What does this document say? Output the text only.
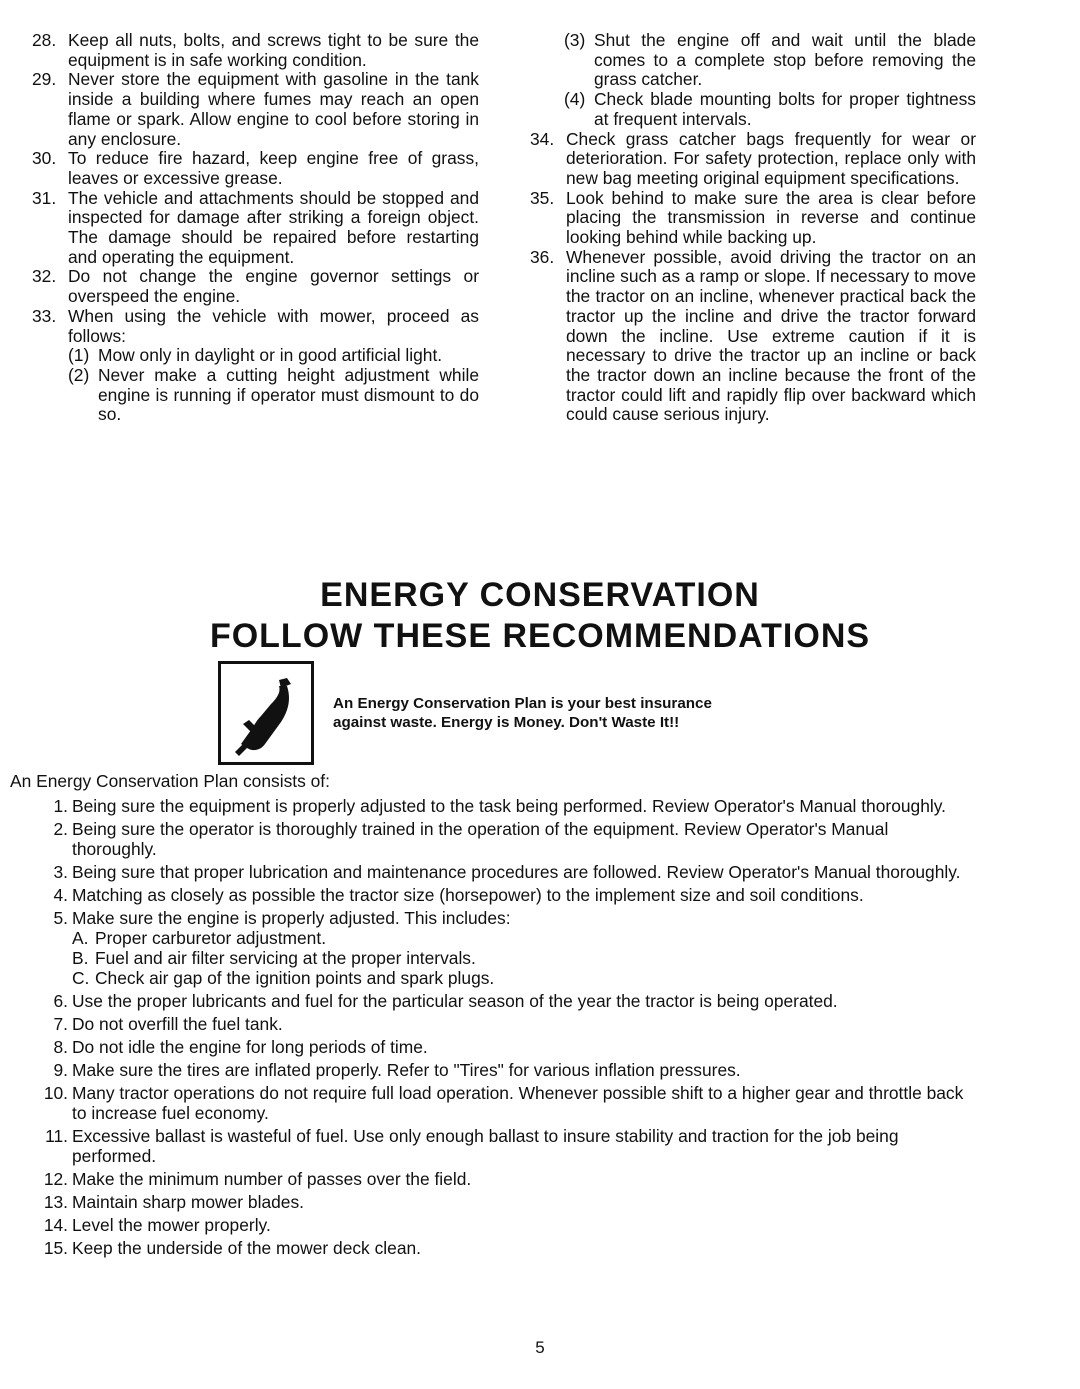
28. Keep all nuts, bolts, and screws tight to be sure the equipment is in safe working condition.
29. Never store the equipment with gasoline in the tank inside a building where fumes may reach an open flame or spark. Allow engine to cool before storing in any enclosure.
30. To reduce fire hazard, keep engine free of grass, leaves or excessive grease.
31. The vehicle and attachments should be stopped and inspected for damage after striking a foreign object. The damage should be repaired before restarting and operating the equipment.
32. Do not change the engine governor settings or overspeed the engine.
33. When using the vehicle with mower, proceed as follows:
(1) Mow only in daylight or in good artificial light.
(2) Never make a cutting height adjustment while engine is running if operator must dismount to do so.
(3) Shut the engine off and wait until the blade comes to a complete stop before removing the grass catcher.
(4) Check blade mounting bolts for proper tightness at frequent intervals.
34. Check grass catcher bags frequently for wear or deterioration. For safety protection, replace only with new bag meeting original equipment specifications.
35. Look behind to make sure the area is clear before placing the transmission in reverse and continue looking behind while backing up.
36. Whenever possible, avoid driving the tractor on an incline such as a ramp or slope. If necessary to move the tractor on an incline, whenever practical back the tractor up the incline and drive the tractor forward down the incline. Use extreme caution if it is necessary to drive the tractor up an incline or back the tractor down an incline because the front of the tractor could lift and rapidly flip over backward which could cause serious injury.
ENERGY CONSERVATION
FOLLOW THESE RECOMMENDATIONS
An Energy Conservation Plan is your best insurance
against waste. Energy is Money. Don't Waste It!!
An Energy Conservation Plan consists of:
1. Being sure the equipment is properly adjusted to the task being performed. Review Operator's Manual thoroughly.
2. Being sure the operator is thoroughly trained in the operation of the equipment. Review Operator's Manual thoroughly.
3. Being sure that proper lubrication and maintenance procedures are followed. Review Operator's Manual thoroughly.
4. Matching as closely as possible the tractor size (horsepower) to the implement size and soil conditions.
5. Make sure the engine is properly adjusted. This includes:
A. Proper carburetor adjustment.
B. Fuel and air filter servicing at the proper intervals.
C. Check air gap of the ignition points and spark plugs.
6. Use the proper lubricants and fuel for the particular season of the year the tractor is being operated.
7. Do not overfill the fuel tank.
8. Do not idle the engine for long periods of time.
9. Make sure the tires are inflated properly. Refer to "Tires" for various inflation pressures.
10. Many tractor operations do not require full load operation. Whenever possible shift to a higher gear and throttle back to increase fuel economy.
11. Excessive ballast is wasteful of fuel. Use only enough ballast to insure stability and traction for the job being performed.
12. Make the minimum number of passes over the field.
13. Maintain sharp mower blades.
14. Level the mower properly.
15. Keep the underside of the mower deck clean.
5
